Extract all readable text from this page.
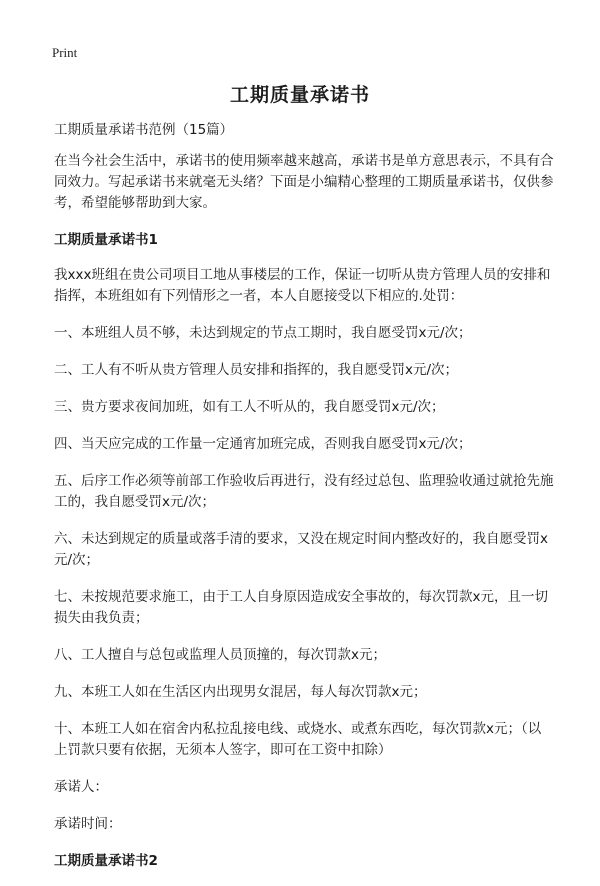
Print
工期质量承诺书

工期质量承诺书范例（15篇）

在当今社会生活中，承诺书的使用频率越来越高，承诺书是单方意思表示，不具有合同效力。写起承诺书来就毫无头绪？下面是小编精心整理的工期质量承诺书，仅供参考，希望能够帮助到大家。

工期质量承诺书1

我xxx班组在贵公司项目工地从事楼层的工作，保证一切听从贵方管理人员的安排和指挥，本班组如有下列情形之一者，本人自愿接受以下相应的.处罚：

一、本班组人员不够，未达到规定的节点工期时，我自愿受罚x元/次；

二、工人有不听从贵方管理人员安排和指挥的，我自愿受罚x元/次；

三、贵方要求夜间加班，如有工人不听从的，我自愿受罚x元/次；

四、当天应完成的工作量一定通宵加班完成，否则我自愿受罚x元/次；

五、后序工作必须等前部工作验收后再进行，没有经过总包、监理验收通过就抢先施工的，我自愿受罚x元/次；

六、未达到规定的质量或落手清的要求，又没在规定时间内整改好的，我自愿受罚x元/次；

七、未按规范要求施工，由于工人自身原因造成安全事故的，每次罚款x元，且一切损失由我负责；

八、工人擅自与总包或监理人员顶撞的，每次罚款x元；

九、本班工人如在生活区内出现男女混居，每人每次罚款x元；

十、本班工人如在宿舍内私拉乱接电线、或烧水、或煮东西吃，每次罚款x元；（以上罚款只要有依据，无须本人签字，即可在工资中扣除）

承诺人：

承诺时间：

工期质量承诺书2
